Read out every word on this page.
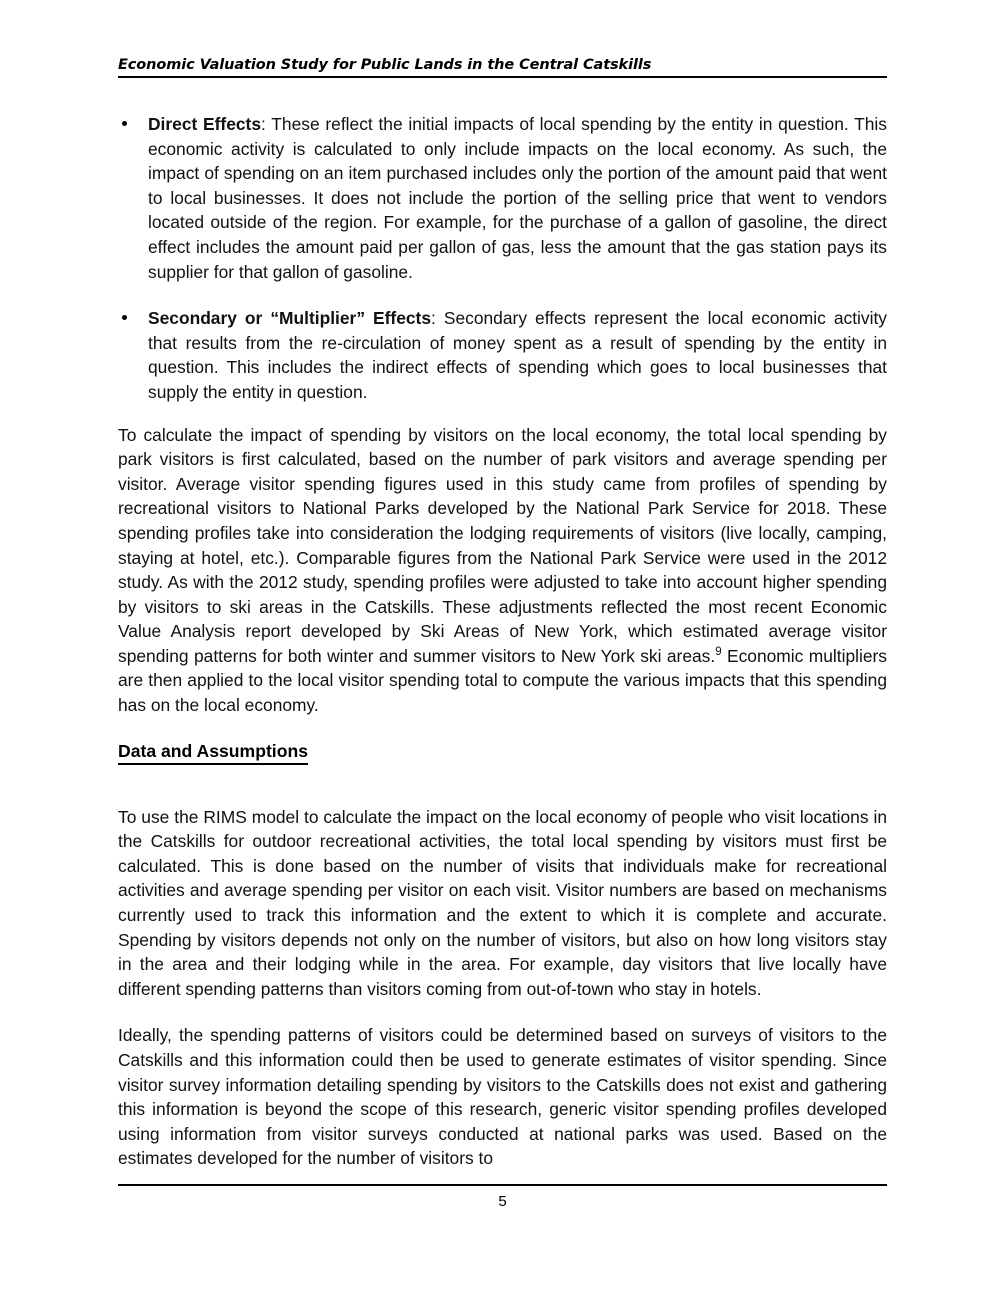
Economic Valuation Study for Public Lands in the Central Catskills
Direct Effects: These reflect the initial impacts of local spending by the entity in question. This economic activity is calculated to only include impacts on the local economy. As such, the impact of spending on an item purchased includes only the portion of the amount paid that went to local businesses. It does not include the portion of the selling price that went to vendors located outside of the region. For example, for the purchase of a gallon of gasoline, the direct effect includes the amount paid per gallon of gas, less the amount that the gas station pays its supplier for that gallon of gasoline.
Secondary or “Multiplier” Effects: Secondary effects represent the local economic activity that results from the re-circulation of money spent as a result of spending by the entity in question. This includes the indirect effects of spending which goes to local businesses that supply the entity in question.

To calculate the impact of spending by visitors on the local economy, the total local spending by park visitors is first calculated, based on the number of park visitors and average spending per visitor. Average visitor spending figures used in this study came from profiles of spending by recreational visitors to National Parks developed by the National Park Service for 2018. These spending profiles take into consideration the lodging requirements of visitors (live locally, camping, staying at hotel, etc.). Comparable figures from the National Park Service were used in the 2012 study. As with the 2012 study, spending profiles were adjusted to take into account higher spending by visitors to ski areas in the Catskills. These adjustments reflected the most recent Economic Value Analysis report developed by Ski Areas of New York, which estimated average visitor spending patterns for both winter and summer visitors to New York ski areas.$^9$ Economic multipliers are then applied to the local visitor spending total to compute the various impacts that this spending has on the local economy.

Data and Assumptions

To use the RIMS model to calculate the impact on the local economy of people who visit locations in the Catskills for outdoor recreational activities, the total local spending by visitors must first be calculated. This is done based on the number of visits that individuals make for recreational activities and average spending per visitor on each visit. Visitor numbers are based on mechanisms currently used to track this information and the extent to which it is complete and accurate. Spending by visitors depends not only on the number of visitors, but also on how long visitors stay in the area and their lodging while in the area. For example, day visitors that live locally have different spending patterns than visitors coming from out-of-town who stay in hotels.

Ideally, the spending patterns of visitors could be determined based on surveys of visitors to the Catskills and this information could then be used to generate estimates of visitor spending. Since visitor survey information detailing spending by visitors to the Catskills does not exist and gathering this information is beyond the scope of this research, generic visitor spending profiles developed using information from visitor surveys conducted at national parks was used. Based on the estimates developed for the number of visitors to

5
